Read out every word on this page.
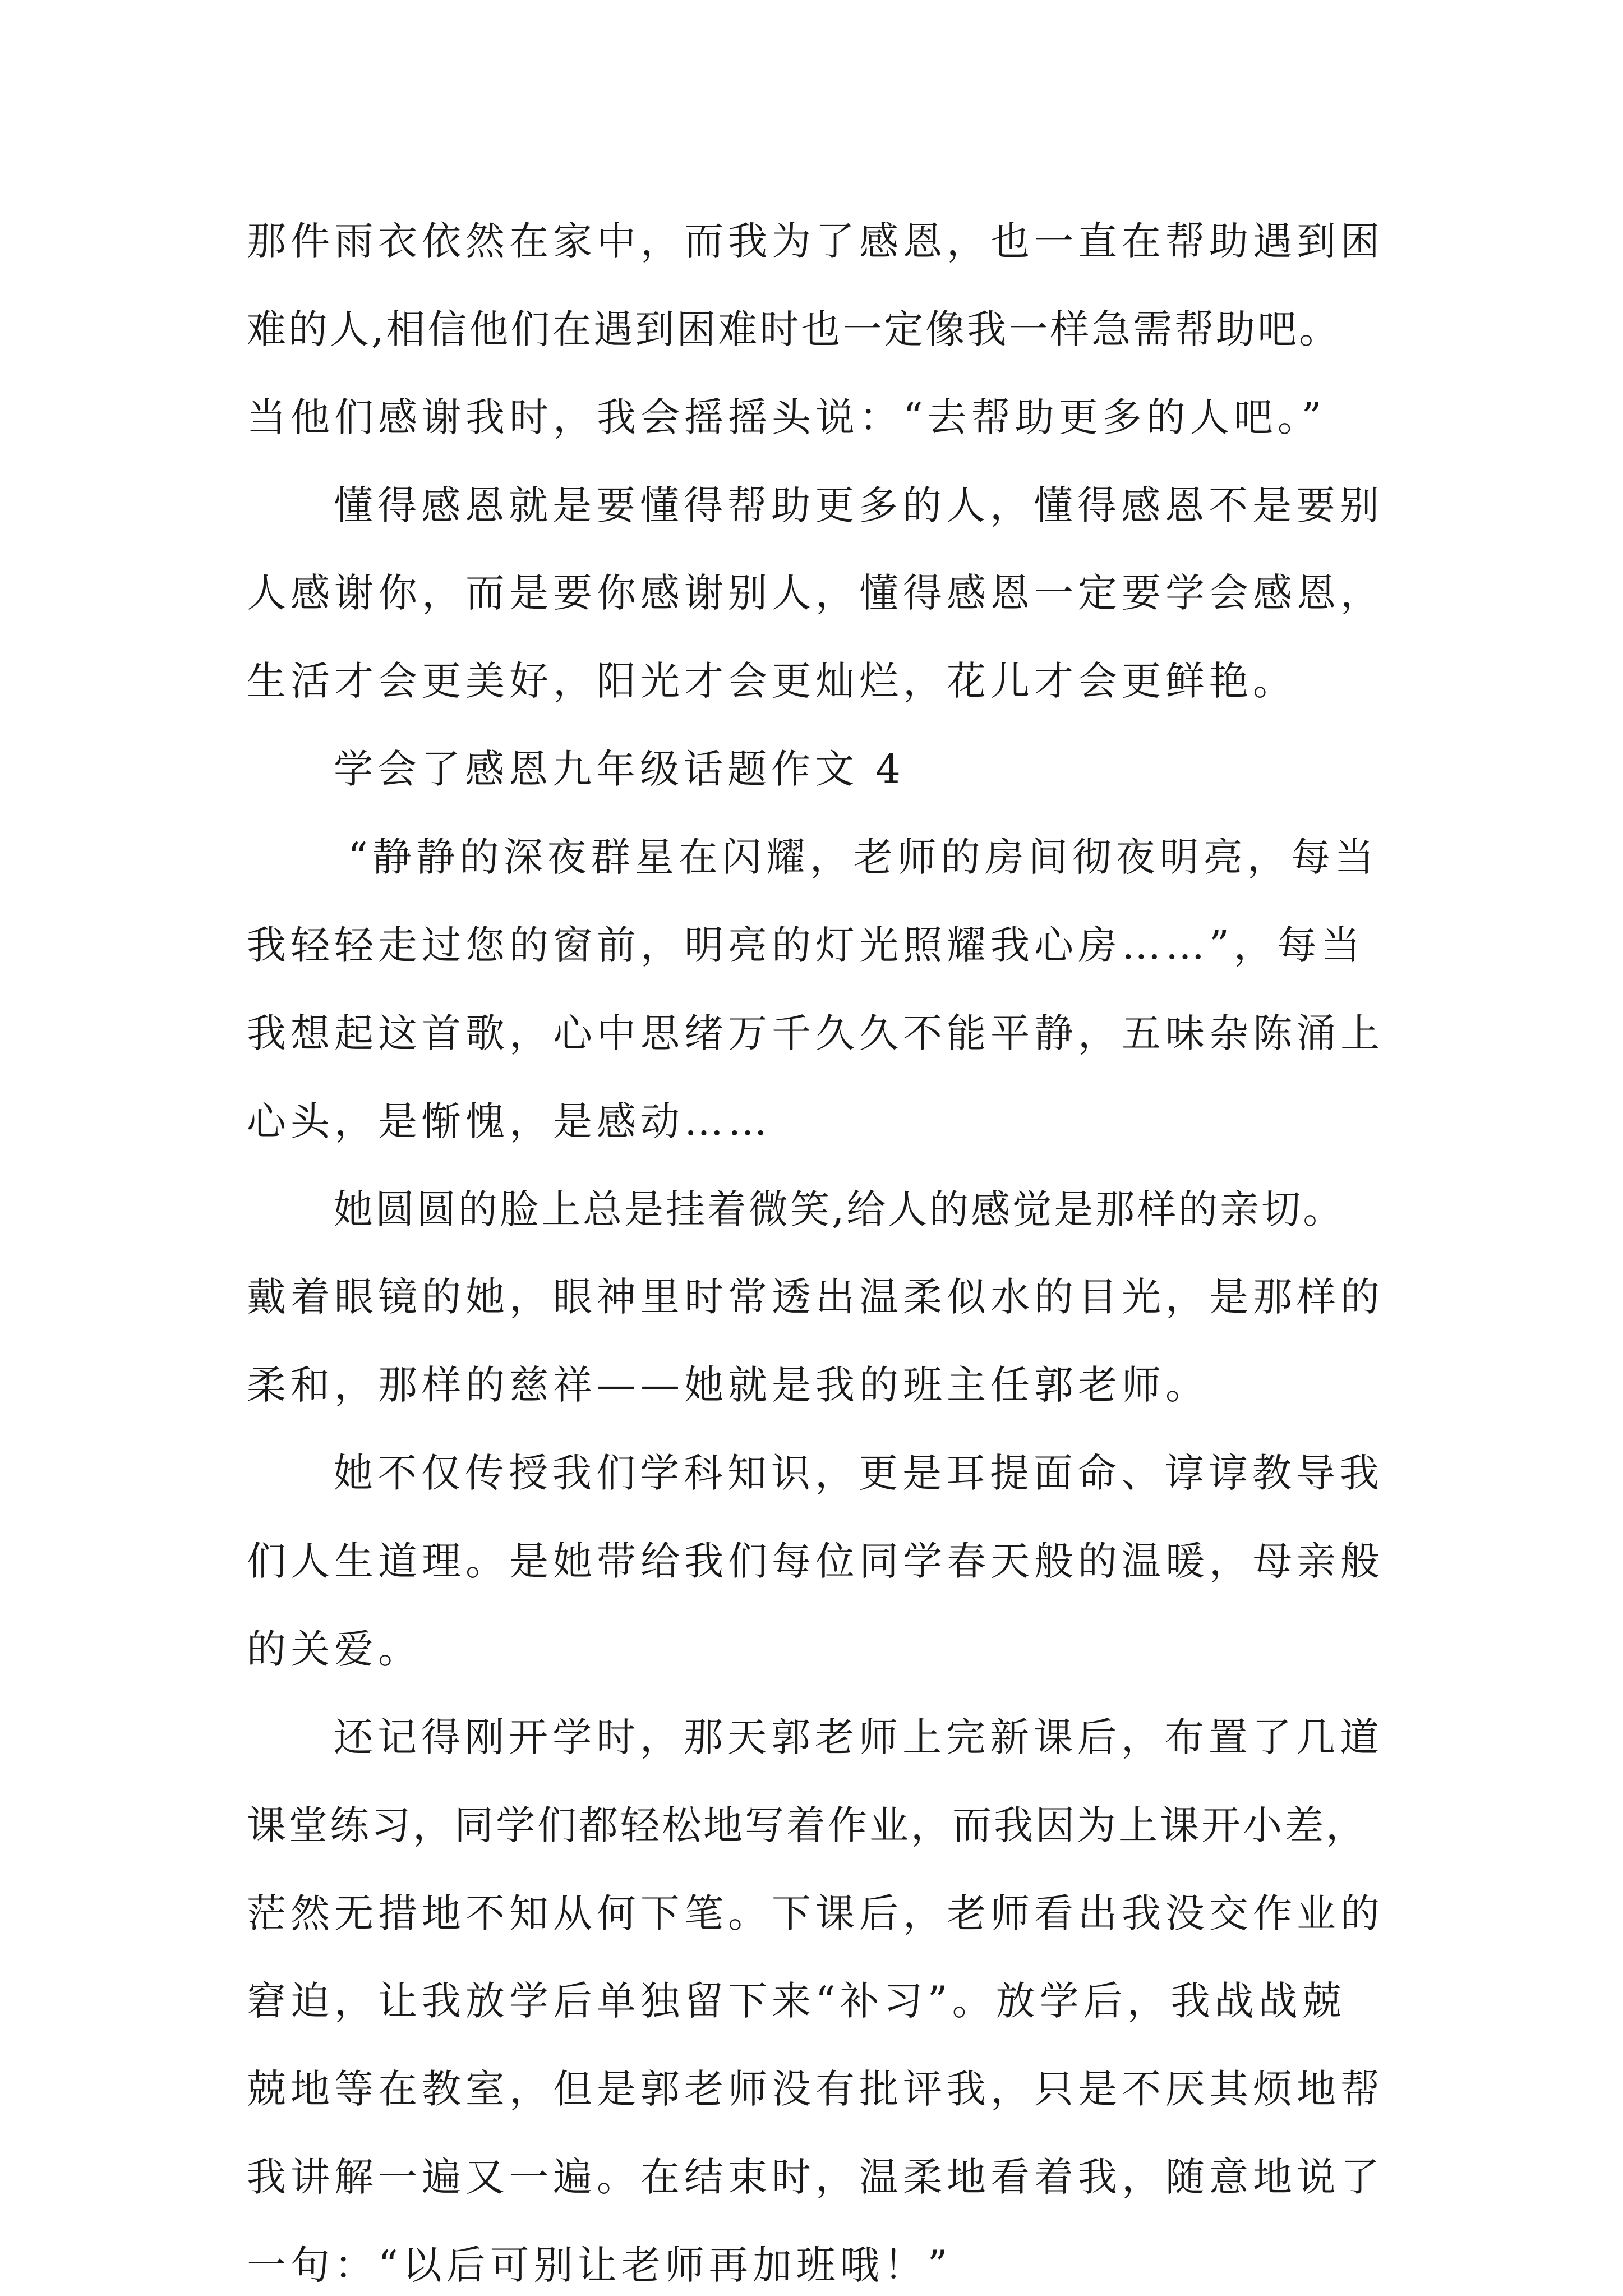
那件雨衣依然在家中，而我为了感恩，也一直在帮助遇到困
难的人,相信他们在遇到困难时也一定像我一样急需帮助吧。
当他们感谢我时，我会摇摇头说：“去帮助更多的人吧。”
懂得感恩就是要懂得帮助更多的人，懂得感恩不是要别
人感谢你，而是要你感谢别人，懂得感恩一定要学会感恩，
生活才会更美好，阳光才会更灿烂，花儿才会更鲜艳。
学会了感恩九年级话题作文 4
“静静的深夜群星在闪耀，老师的房间彻夜明亮，每当
我轻轻走过您的窗前，明亮的灯光照耀我心房……”，每当
我想起这首歌，心中思绪万千久久不能平静，五味杂陈涌上
心头，是惭愧，是感动……
她圆圆的脸上总是挂着微笑,给人的感觉是那样的亲切。
戴着眼镜的她，眼神里时常透出温柔似水的目光，是那样的
柔和，那样的慈祥——她就是我的班主任郭老师。
她不仅传授我们学科知识，更是耳提面命、谆谆教导我
们人生道理。是她带给我们每位同学春天般的温暖，母亲般
的关爱。
还记得刚开学时，那天郭老师上完新课后，布置了几道
课堂练习，同学们都轻松地写着作业，而我因为上课开小差，
茫然无措地不知从何下笔。下课后，老师看出我没交作业的
窘迫，让我放学后单独留下来“补习”。放学后，我战战兢
兢地等在教室，但是郭老师没有批评我，只是不厌其烦地帮
我讲解一遍又一遍。在结束时，温柔地看着我，随意地说了
一句：“以后可别让老师再加班哦！”
